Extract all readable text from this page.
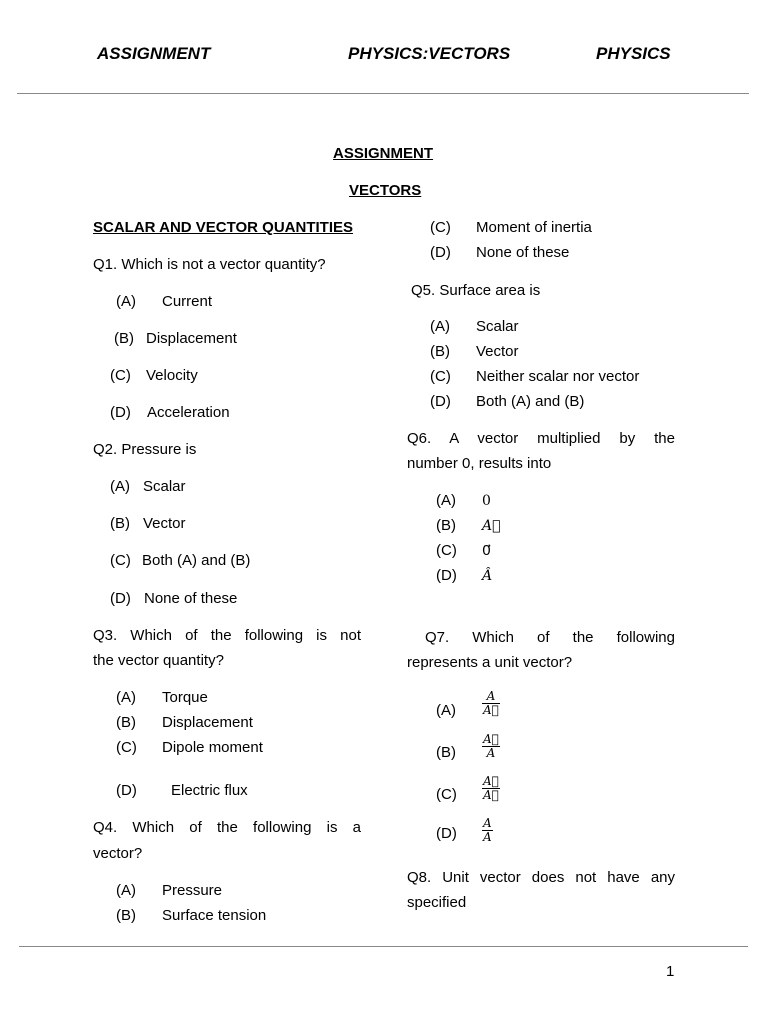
ASSIGNMENT	PHYSICS:VECTORS	PHYSICS
ASSIGNMENT
VECTORS
SCALAR AND VECTOR QUANTITIES
Q1. Which is not a vector quantity?
(A) Current
(B) Displacement
(C) Velocity
(D) Acceleration
Q2. Pressure is
(A) Scalar
(B) Vector
(C) Both (A) and (B)
(D) None of these
Q3. Which of the following is not
the vector quantity?
(A) Torque
(B) Displacement
(C) Dipole moment
(D) Electric flux
Q4. Which of the following is a
vector?
(A) Pressure
(B) Surface tension
(C) Moment of inertia
(D) None of these
Q5. Surface area is
(A) Scalar
(B) Vector
(C) Neither scalar nor vector
(D) Both (A) and (B)
Q6. A vector multiplied by the
number 0, results into
(A) 0
(B) A⃗
(C) 0⃗
(D) Â
Q7. Which of the following
represents a unit vector?
$(A) \frac{A}{A⃗}$
$(B) \frac{A⃗}{A}$
$(C) \frac{A⃗}{A⃗}$
$(D) \frac{A}{A}$
Q8. Unit vector does not have any
specified
1
